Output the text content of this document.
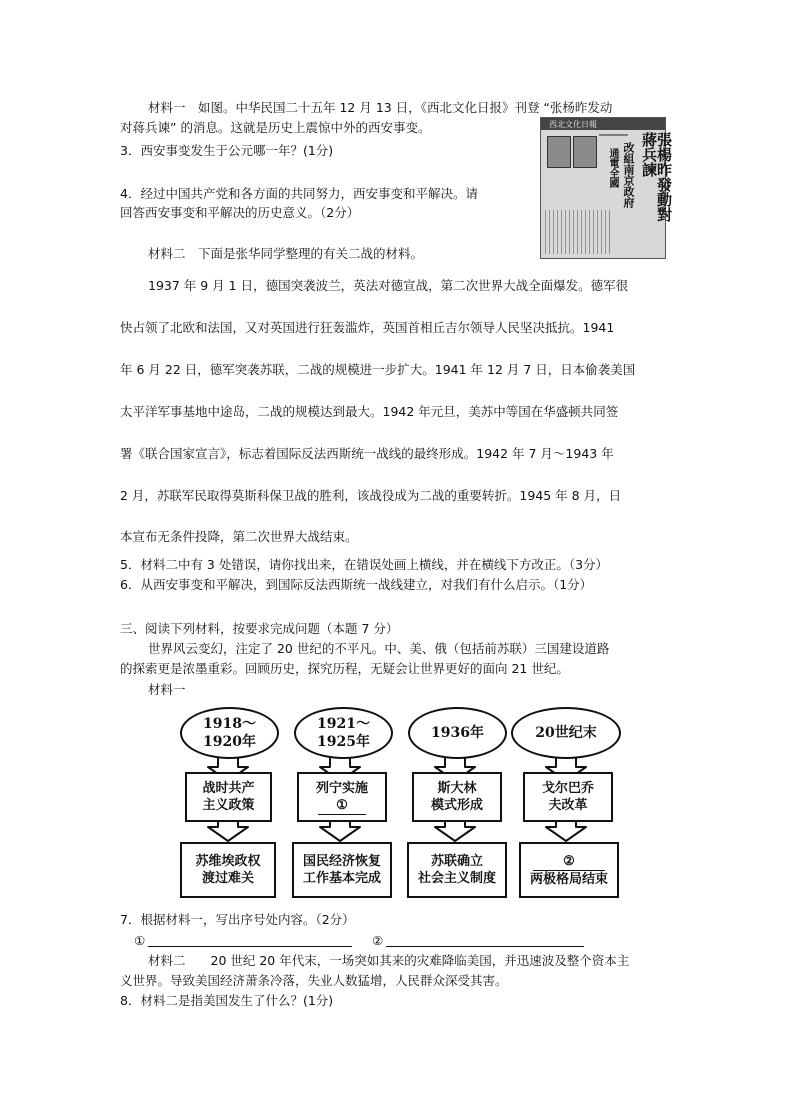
材料一　如图。中华民国二十五年 12 月 13 日，《西北文化日报》刊登 “张杨昨发动
对蒋兵谏” 的消息。这就是历史上震惊中外的西安事变。
3．西安事变发生于公元哪一年？(1分)
4．经过中国共产党和各方面的共同努力，西安事变和平解决。请
回答西安事变和平解决的历史意义。（2分）
西北文化日報
━━━━━━━━	張楊昨發動對蔣兵諫
改組南京政府
通電全國
材料二　下面是张华同学整理的有关二战的材料。
1937 年 9 月 1 日，德国突袭波兰，英法对德宣战，第二次世界大战全面爆发。德军很
快占领了北欧和法国，又对英国进行狂轰滥炸，英国首相丘吉尔领导人民坚决抵抗。1941
年 6 月 22 日，德军突袭苏联，二战的规模进一步扩大。1941 年 12 月 7 日，日本偷袭美国
太平洋军事基地中途岛，二战的规模达到最大。1942 年元旦，美苏中等国在华盛顿共同签
署《联合国家宣言》，标志着国际反法西斯统一战线的最终形成。1942 年 7 月～1943 年
2 月，苏联军民取得莫斯科保卫战的胜利，该战役成为二战的重要转折。1945 年 8 月，日
本宣布无条件投降，第二次世界大战结束。
5．材料二中有 3 处错误，请你找出来，在错误处画上横线，并在横线下方改正。（3分）
6．从西安事变和平解决，到国际反法西斯统一战线建立，对我们有什么启示。（1分）
三、阅读下列材料，按要求完成问题（本题 7 分）
世界风云变幻，注定了 20 世纪的不平凡。中、美、俄（包括前苏联）三国建设道路
的探索更是浓墨重彩。回顾历史，探究历程，无疑会让世界更好的面向 21 世纪。
材料一
1918～
1920年
战时共产
主义政策
苏维埃政权
渡过难关
1921～
1925年
列宁实施
①
国民经济恢复
工作基本完成
1936年
斯大林
模式形成
苏联确立
社会主义制度
20世纪末
戈尔巴乔
夫改革
②
两极格局结束
7．根据材料一，写出序号处内容。（2分）
①	②
材料二　　20 世纪 20 年代末，一场突如其来的灾难降临美国，并迅速波及整个资本主
义世界。导致美国经济萧条冷落，失业人数猛增，人民群众深受其害。
8．材料二是指美国发生了什么？(1分)
